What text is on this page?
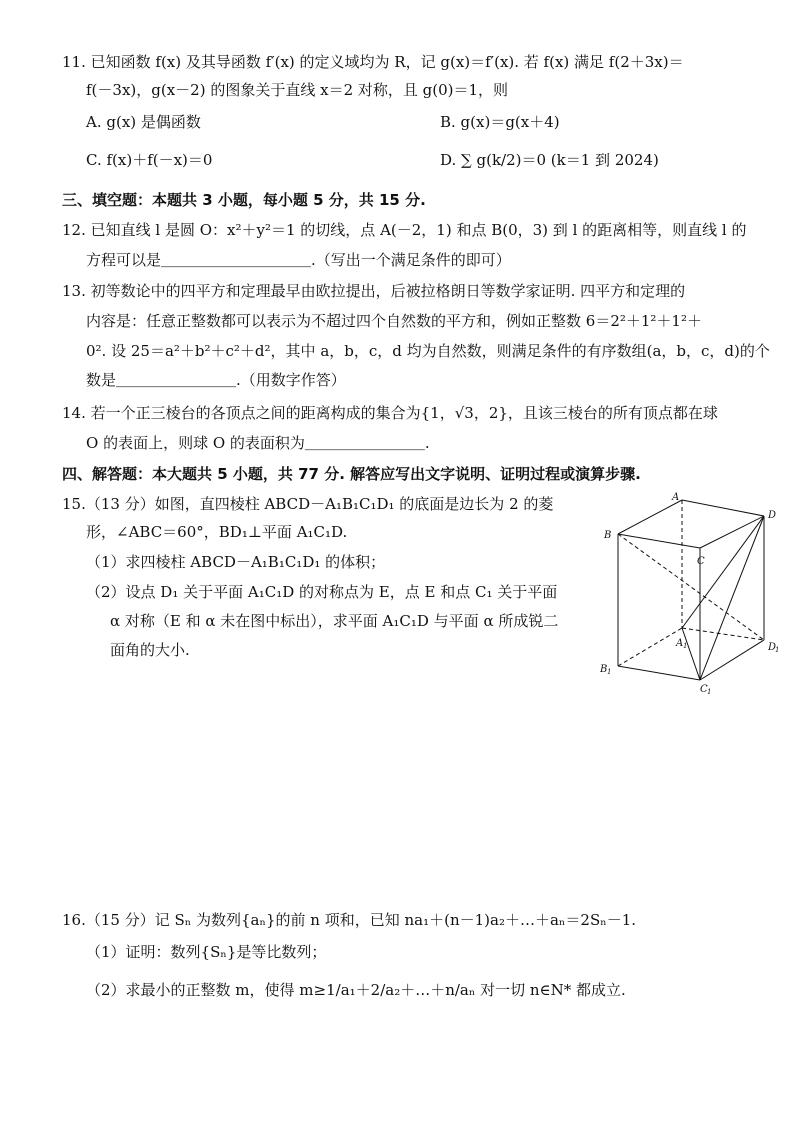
11. 已知函数 f(x) 及其导函数 f′(x) 的定义域均为 R，记 g(x)＝f′(x). 若 f(x) 满足 f(2＋3x)＝
f(－3x)，g(x－2) 的图象关于直线 x＝2 对称，且 g(0)＝1，则
A. g(x) 是偶函数	B. g(x)＝g(x＋4)
C. f(x)＋f(－x)＝0	D. ∑ g(k/2)＝0 (k＝1 到 2024)
三、填空题：本题共 3 小题，每小题 5 分，共 15 分.
12. 已知直线 l 是圆 O：x²＋y²＝1 的切线，点 A(－2，1) 和点 B(0，3) 到 l 的距离相等，则直线 l 的
方程可以是＿＿＿＿＿＿＿＿＿＿.（写出一个满足条件的即可）
13. 初等数论中的四平方和定理最早由欧拉提出，后被拉格朗日等数学家证明. 四平方和定理的
内容是：任意正整数都可以表示为不超过四个自然数的平方和，例如正整数 6＝2²＋1²＋1²＋
0². 设 25＝a²＋b²＋c²＋d²，其中 a，b，c，d 均为自然数，则满足条件的有序数组(a，b，c，d)的个
数是＿＿＿＿＿＿＿＿.（用数字作答）
14. 若一个正三棱台的各顶点之间的距离构成的集合为{1，√3，2}，且该三棱台的所有顶点都在球
O 的表面上，则球 O 的表面积为＿＿＿＿＿＿＿＿.
四、解答题：本大题共 5 小题，共 77 分. 解答应写出文字说明、证明过程或演算步骤.
15.（13 分）如图，直四棱柱 ABCD－A₁B₁C₁D₁ 的底面是边长为 2 的菱
形，∠ABC＝60°，BD₁⊥平面 A₁C₁D.
（1）求四棱柱 ABCD－A₁B₁C₁D₁ 的体积；
（2）设点 D₁ 关于平面 A₁C₁D 的对称点为 E，点 E 和点 C₁ 关于平面
α 对称（E 和 α 未在图中标出），求平面 A₁C₁D 与平面 α 所成锐二
面角的大小.
A
D
B
C
A 1	D
1
B 1
C 1
16.（15 分）记 Sₙ 为数列{aₙ}的前 n 项和，已知 na₁＋(n－1)a₂＋…＋aₙ＝2Sₙ－1.
（1）证明：数列{Sₙ}是等比数列；
（2）求最小的正整数 m，使得 m≥1/a₁＋2/a₂＋…＋n/aₙ 对一切 n∈N* 都成立.
